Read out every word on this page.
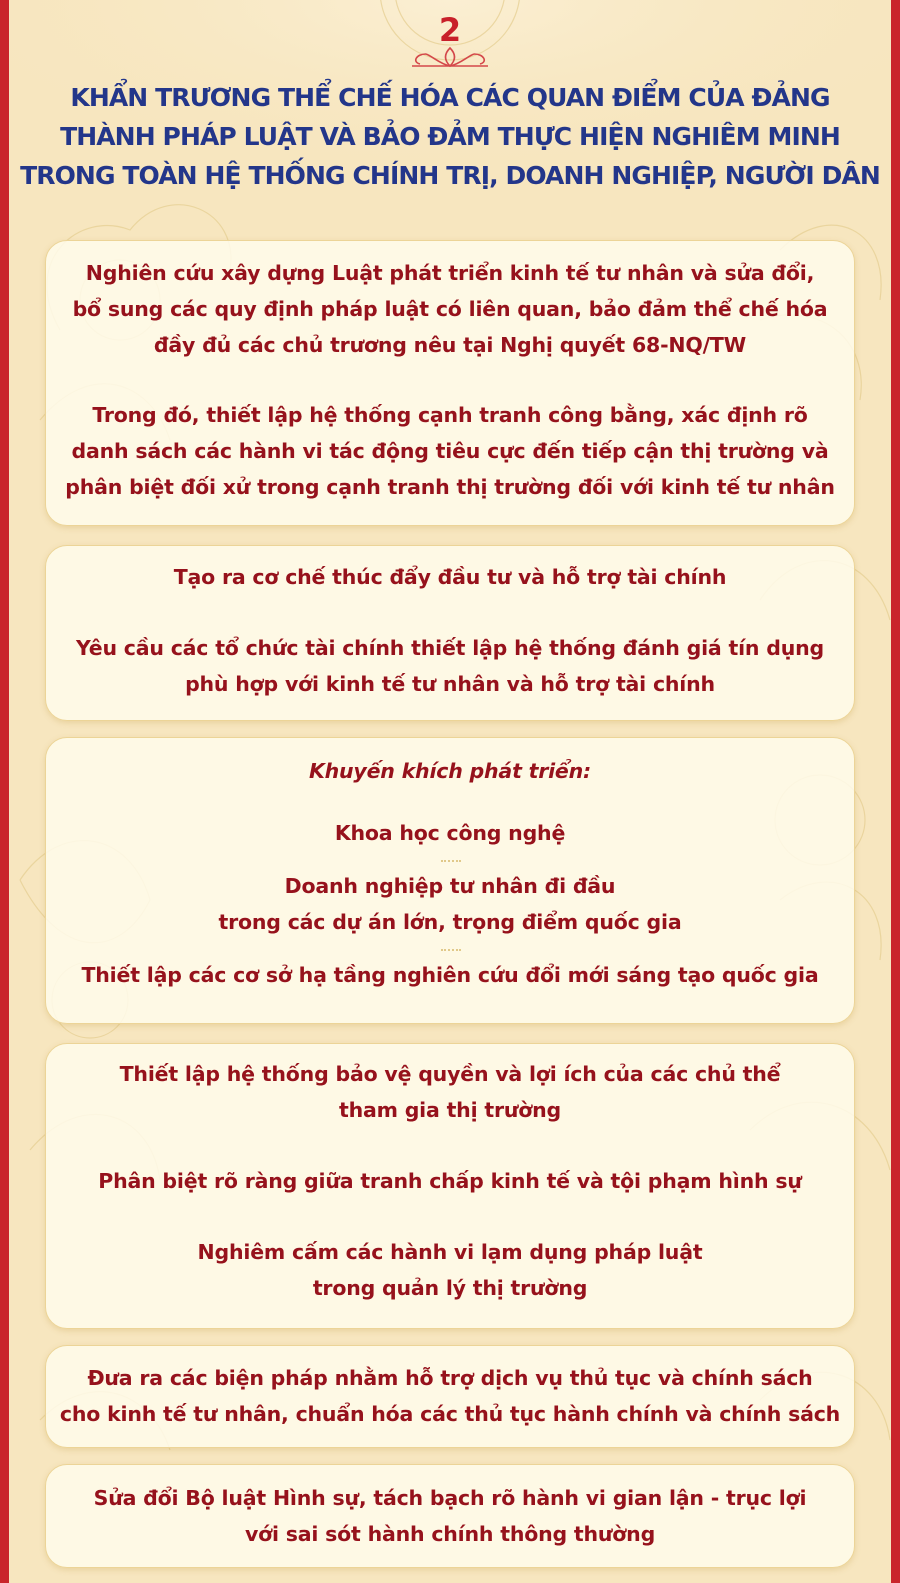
2
KHẨN TRƯƠNG THỂ CHẾ HÓA CÁC QUAN ĐIỂM CỦA ĐẢNG
THÀNH PHÁP LUẬT VÀ BẢO ĐẢM THỰC HIỆN NGHIÊM MINH
TRONG TOÀN HỆ THỐNG CHÍNH TRỊ, DOANH NGHIỆP, NGƯỜI DÂN
Nghiên cứu xây dựng Luật phát triển kinh tế tư nhân và sửa đổi,
bổ sung các quy định pháp luật có liên quan, bảo đảm thể chế hóa
đầy đủ các chủ trương nêu tại Nghị quyết 68-NQ/TW
Trong đó, thiết lập hệ thống cạnh tranh công bằng, xác định rõ
danh sách các hành vi tác động tiêu cực đến tiếp cận thị trường và
phân biệt đối xử trong cạnh tranh thị trường đối với kinh tế tư nhân
Tạo ra cơ chế thúc đẩy đầu tư và hỗ trợ tài chính
Yêu cầu các tổ chức tài chính thiết lập hệ thống đánh giá tín dụng
phù hợp với kinh tế tư nhân và hỗ trợ tài chính
Khuyến khích phát triển:
Khoa học công nghệ
Doanh nghiệp tư nhân đi đầu
trong các dự án lớn, trọng điểm quốc gia
Thiết lập các cơ sở hạ tầng nghiên cứu đổi mới sáng tạo quốc gia
Thiết lập hệ thống bảo vệ quyền và lợi ích của các chủ thể
tham gia thị trường
Phân biệt rõ ràng giữa tranh chấp kinh tế và tội phạm hình sự
Nghiêm cấm các hành vi lạm dụng pháp luật
trong quản lý thị trường
Đưa ra các biện pháp nhằm hỗ trợ dịch vụ thủ tục và chính sách
cho kinh tế tư nhân, chuẩn hóa các thủ tục hành chính và chính sách
Sửa đổi Bộ luật Hình sự, tách bạch rõ hành vi gian lận - trục lợi
với sai sót hành chính thông thường
